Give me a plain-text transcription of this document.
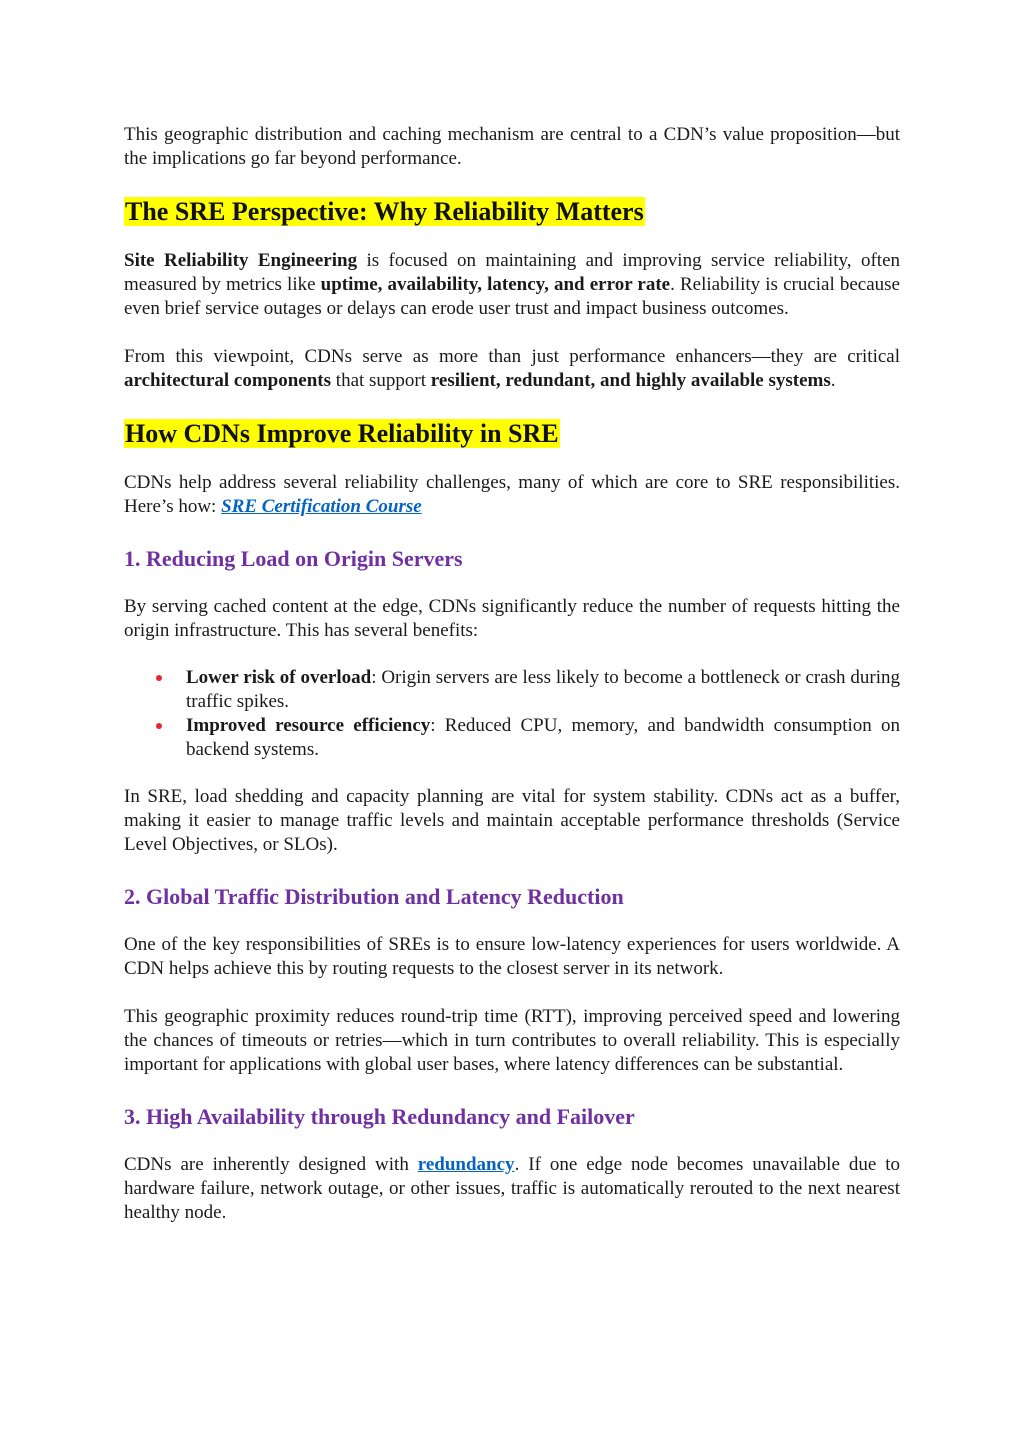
This geographic distribution and caching mechanism are central to a CDN’s value proposition—but the implications go far beyond performance.

The SRE Perspective: Why Reliability Matters

Site Reliability Engineering is focused on maintaining and improving service reliability, often measured by metrics like uptime, availability, latency, and error rate. Reliability is crucial because even brief service outages or delays can erode user trust and impact business outcomes.

From this viewpoint, CDNs serve as more than just performance enhancers—they are critical architectural components that support resilient, redundant, and highly available systems.

How CDNs Improve Reliability in SRE

CDNs help address several reliability challenges, many of which are core to SRE responsibilities. Here’s how: SRE Certification Course

1. Reducing Load on Origin Servers

By serving cached content at the edge, CDNs significantly reduce the number of requests hitting the origin infrastructure. This has several benefits:

Lower risk of overload: Origin servers are less likely to become a bottleneck or crash during traffic spikes.
Improved resource efficiency: Reduced CPU, memory, and bandwidth consumption on backend systems.

In SRE, load shedding and capacity planning are vital for system stability. CDNs act as a buffer, making it easier to manage traffic levels and maintain acceptable performance thresholds (Service Level Objectives, or SLOs).

2. Global Traffic Distribution and Latency Reduction

One of the key responsibilities of SREs is to ensure low-latency experiences for users worldwide. A CDN helps achieve this by routing requests to the closest server in its network.

This geographic proximity reduces round-trip time (RTT), improving perceived speed and lowering the chances of timeouts or retries—which in turn contributes to overall reliability. This is especially important for applications with global user bases, where latency differences can be substantial.

3. High Availability through Redundancy and Failover

CDNs are inherently designed with redundancy. If one edge node becomes unavailable due to hardware failure, network outage, or other issues, traffic is automatically rerouted to the next nearest healthy node.
